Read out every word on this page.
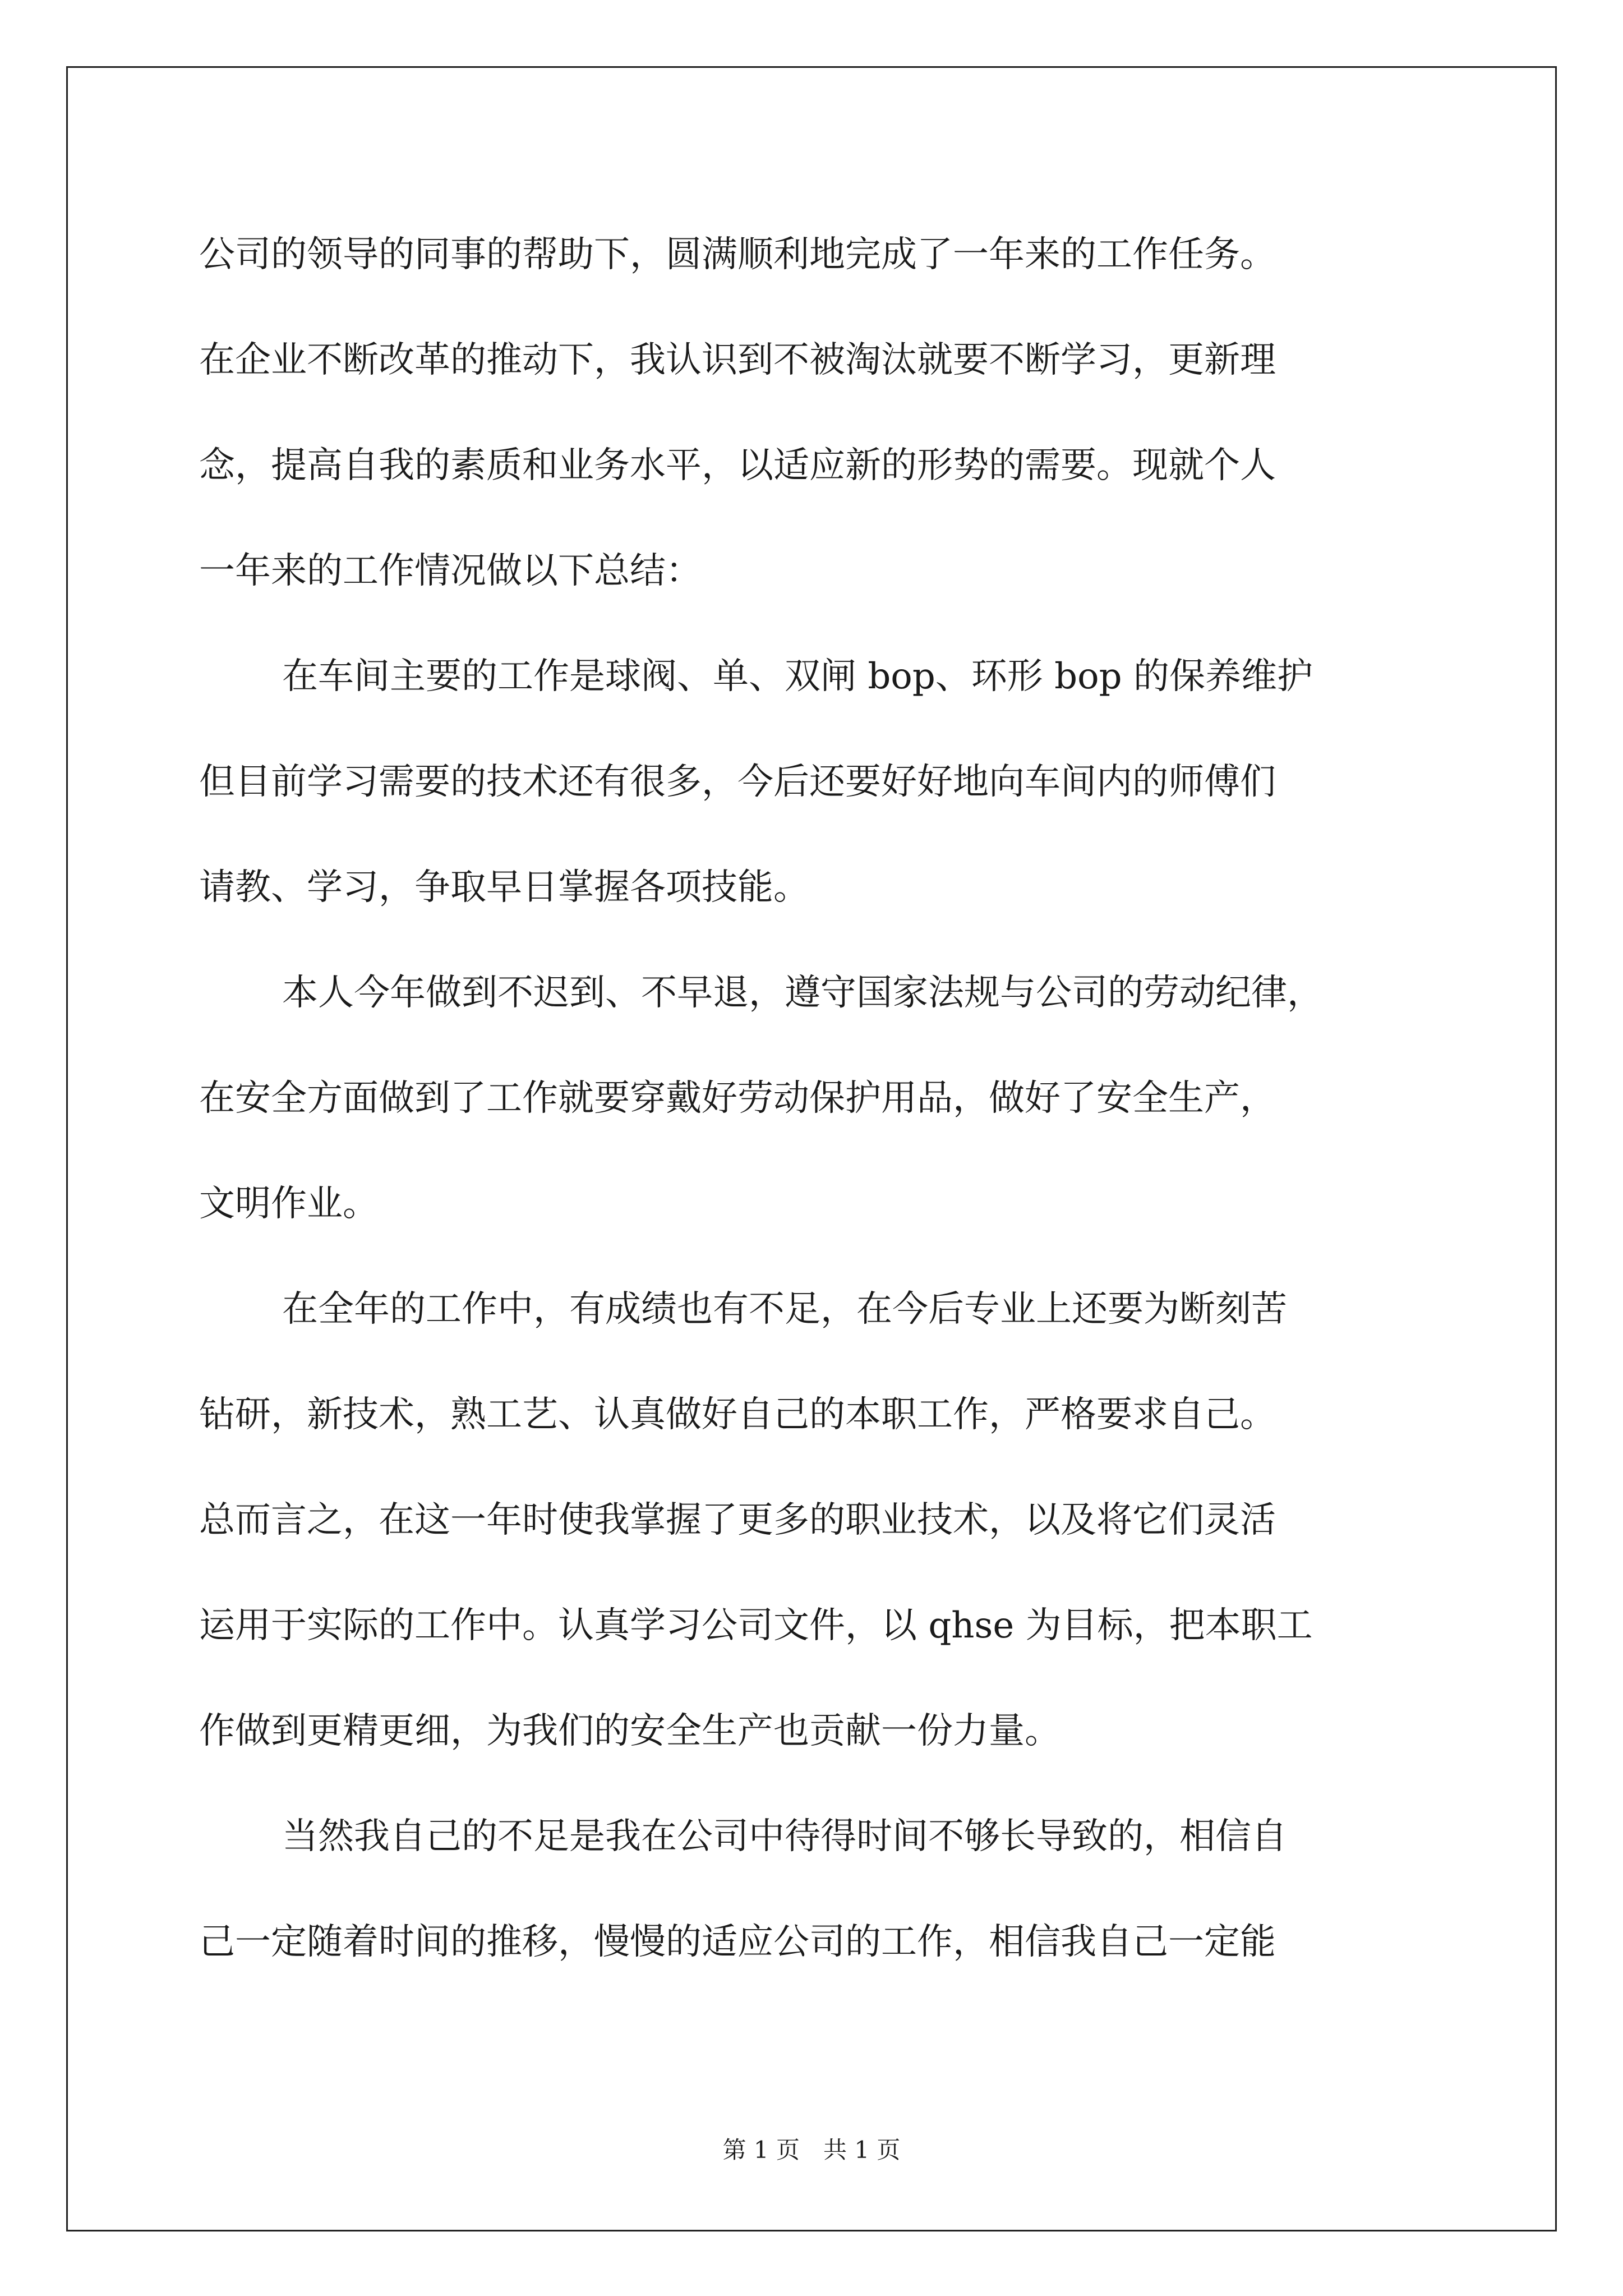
公司的领导的同事的帮助下，圆满顺利地完成了一年来的工作任务。
在企业不断改革的推动下，我认识到不被淘汰就要不断学习，更新理
念，提高自我的素质和业务水平，以适应新的形势的需要。现就个人
一年来的工作情况做以下总结：
在车间主要的工作是球阀、单、双闸 bop、环形 bop 的保养维护
但目前学习需要的技术还有很多，今后还要好好地向车间内的师傅们
请教、学习，争取早日掌握各项技能。
本人今年做到不迟到、不早退，遵守国家法规与公司的劳动纪律，
在安全方面做到了工作就要穿戴好劳动保护用品，做好了安全生产，
文明作业。
在全年的工作中，有成绩也有不足，在今后专业上还要为断刻苦
钻研，新技术，熟工艺、认真做好自己的本职工作，严格要求自己。
总而言之，在这一年时使我掌握了更多的职业技术，以及将它们灵活
运用于实际的工作中。认真学习公司文件，以 qhse 为目标，把本职工
作做到更精更细，为我们的安全生产也贡献一份力量。
当然我自己的不足是我在公司中待得时间不够长导致的，相信自
己一定随着时间的推移，慢慢的适应公司的工作，相信我自己一定能
第 1 页　共 1 页
